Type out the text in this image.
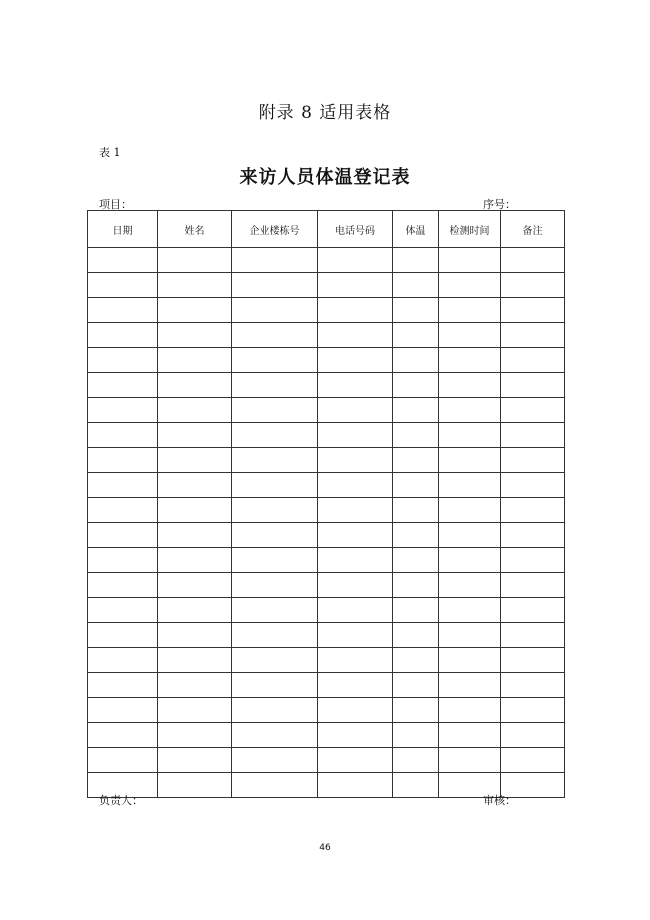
附录 8 适用表格
表 1
来访人员体温登记表
项目：	序号：
日期	姓名	企业楼栋号	电话号码	体温	检测时间	备注

负责人：	审核：
46
